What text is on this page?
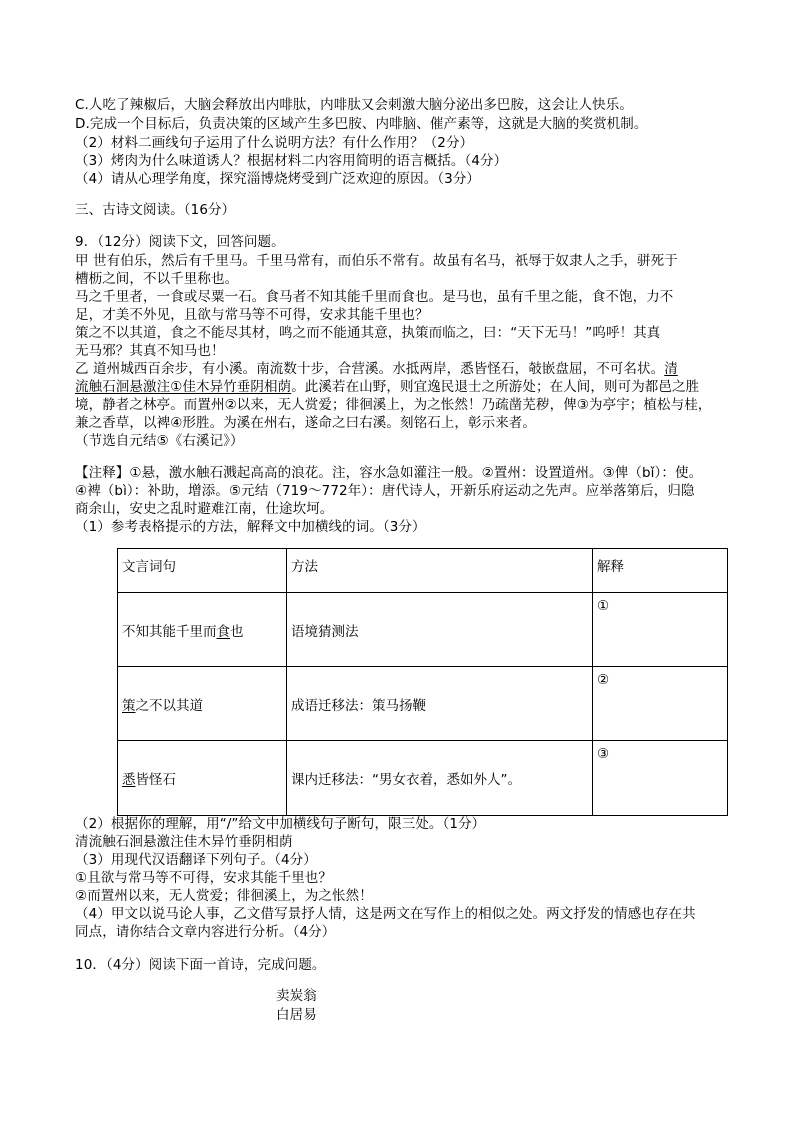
C.人吃了辣椒后，大脑会释放出内啡肽，内啡肽又会刺激大脑分泌出多巴胺，这会让人快乐。
D.完成一个目标后，负责决策的区域产生多巴胺、内啡脑、催产素等，这就是大脑的奖赏机制。
（2）材料二画线句子运用了什么说明方法？有什么作用？（2分）
（3）烤肉为什么味道诱人？根据材料二内容用简明的语言概括。（4分）
（4）请从心理学角度，探究淄博烧烤受到广泛欢迎的原因。（3分）
三、古诗文阅读。（16分）
9．（12分）阅读下文，回答问题。
甲 世有伯乐，然后有千里马。千里马常有，而伯乐不常有。故虽有名马，祇辱于奴隶人之手，骈死于
槽枥之间，不以千里称也。
马之千里者，一食或尽粟一石。食马者不知其能千里而食也。是马也，虽有千里之能，食不饱，力不
足，才美不外见，且欲与常马等不可得，安求其能千里也？
策之不以其道，食之不能尽其材，鸣之而不能通其意，执策而临之，曰：“天下无马！”呜呼！其真
无马邪？其真不知马也！
乙 道州城西百余步，有小溪。南流数十步，合营溪。水抵两岸，悉皆怪石，攲嵌盘屈，不可名状。清
流触石洄悬激注①佳木异竹垂阴相荫。此溪若在山野，则宜逸民退士之所游处；在人间，则可为都邑之胜
境，静者之林亭。而置州②以来，无人赏爱；徘徊溪上，为之怅然！乃疏凿芜秽，俾③为亭宇；植松与桂，
兼之香草，以裨④形胜。为溪在州右，遂命之曰右溪。刻铭石上，彰示来者。
（节选自元结⑤《右溪记》）
【注释】①悬，激水触石溅起高高的浪花。注，容水急如灌注一般。②置州：设置道州。③俾（bǐ）：使。
④裨（bì）：补助，增添。⑤元结（719～772年）：唐代诗人，开新乐府运动之先声。应举落第后，归隐
商余山，安史之乱时避难江南，仕途坎坷。
（1）参考表格提示的方法，解释文中加横线的词。（3分）
文言词句	方法	解释
不知其能千里而食也	语境猜测法	①
策之不以其道	成语迁移法：策马扬鞭	②
悉皆怪石	课内迁移法：“男女衣着，悉如外人”。	③
（2）根据你的理解，用“/”给文中加横线句子断句，限三处。（1分）
清流触石洄悬激注佳木异竹垂阴相荫
（3）用现代汉语翻译下列句子。（4分）
①且欲与常马等不可得，安求其能千里也？
②而置州以来，无人赏爱；徘徊溪上，为之怅然！
（4）甲文以说马论人事，乙文借写景抒人情，这是两文在写作上的相似之处。两文抒发的情感也存在共
同点，请你结合文章内容进行分析。（4分）
10．（4分）阅读下面一首诗，完成问题。
卖炭翁
白居易
